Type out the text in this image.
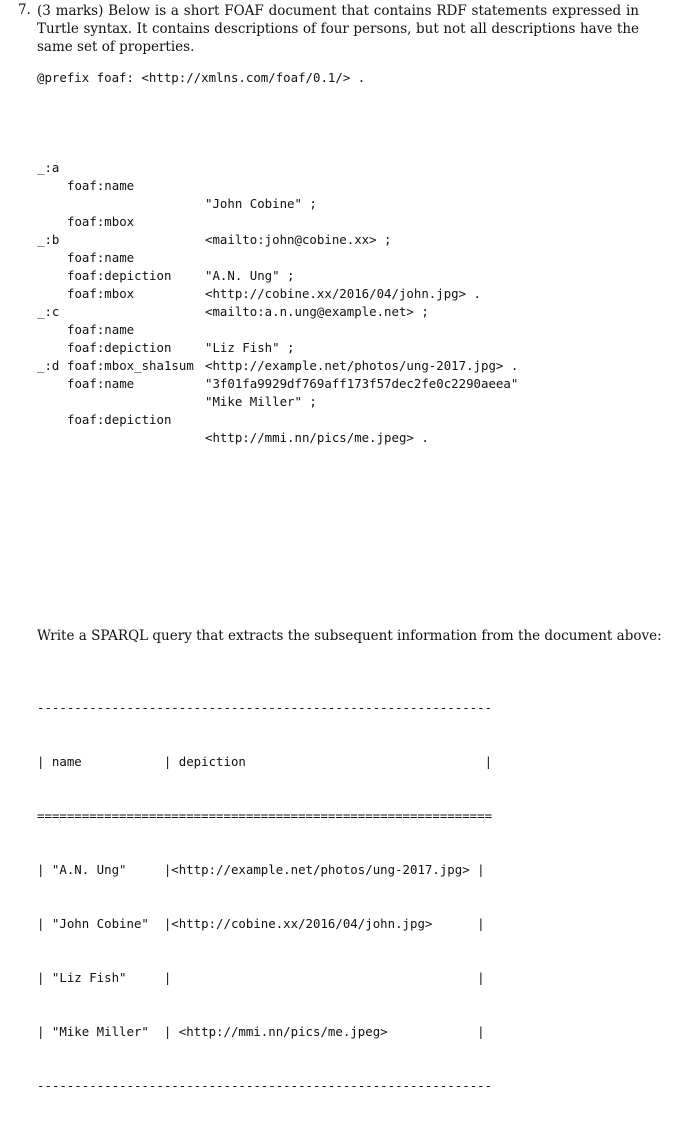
7. (3 marks) Below is a short FOAF document that contains RDF statements expressed in Turtle syntax. It contains descriptions of four persons, but not all descriptions have the same set of properties.
@prefix foaf: <http://xmlns.com/foaf/0.1/> .

_:a

foaf:name

"John Cobine" ;

foaf:mbox

<mailto:john@cobine.xx> ;

foaf:depiction

<http://cobine.xx/2016/04/john.jpg> .

_:b

foaf:name

"A.N. Ung" ;

foaf:mbox

<mailto:a.n.ung@example.net> ;

foaf:depiction

<http://example.net/photos/ung-2017.jpg> .

_:c

foaf:name

"Liz Fish" ;

foaf:mbox_sha1sum

"3f01fa9929df769aff173f57dec2fe0c2290aeea"

_:d

foaf:name

"Mike Miller" ;

foaf:depiction

<http://mmi.nn/pics/me.jpeg> .

Write a SPARQL query that extracts the subsequent information from the document above:

-------------------------------------------------------------

| name           | depiction                                |

=============================================================

| "A.N. Ung"     |<http://example.net/photos/ung-2017.jpg> |

| "John Cobine"  |<http://cobine.xx/2016/04/john.jpg>      |

| "Liz Fish"     |                                         |

| "Mike Miller"  | <http://mmi.nn/pics/me.jpeg>            |

-------------------------------------------------------------
